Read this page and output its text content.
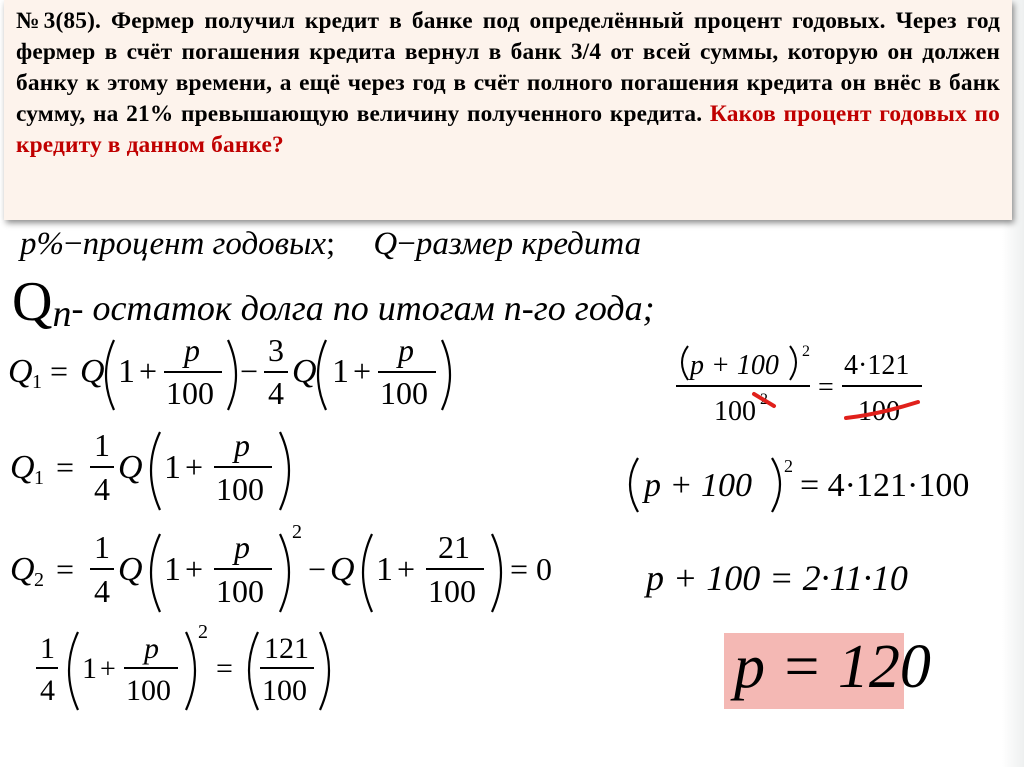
№3(85). Фермер получил кредит в банке под определённый процент годовых. Через год фермер в счёт погашения кредита вернул в банк 3/4 от всей суммы, которую он должен банку к этому времени, а ещё через год в счёт полного погашения кредита он внёс в банк сумму, на 21% превышающую величину полученного кредита. Каков процент годовых по кредиту в данном банке?

p%−процент годовых; Q−размер кредита
Qn- остаток долга по итогам n-го года;
Q 1 = Q 1 +
p
100
−
3
4
Q 1 +
p
100
Q 1 =
1
4
Q 1 +
p
100
Q 2 =
1
4
Q 1 +
p
100
2
− Q 1 +
21
100
= 0
1
4
1 +
p
100
2
=
121
100
p + 100 2
100
=
4·121
100
p + 100
2
= 4·121·100
p + 100 = 2·11·10
p = 120
